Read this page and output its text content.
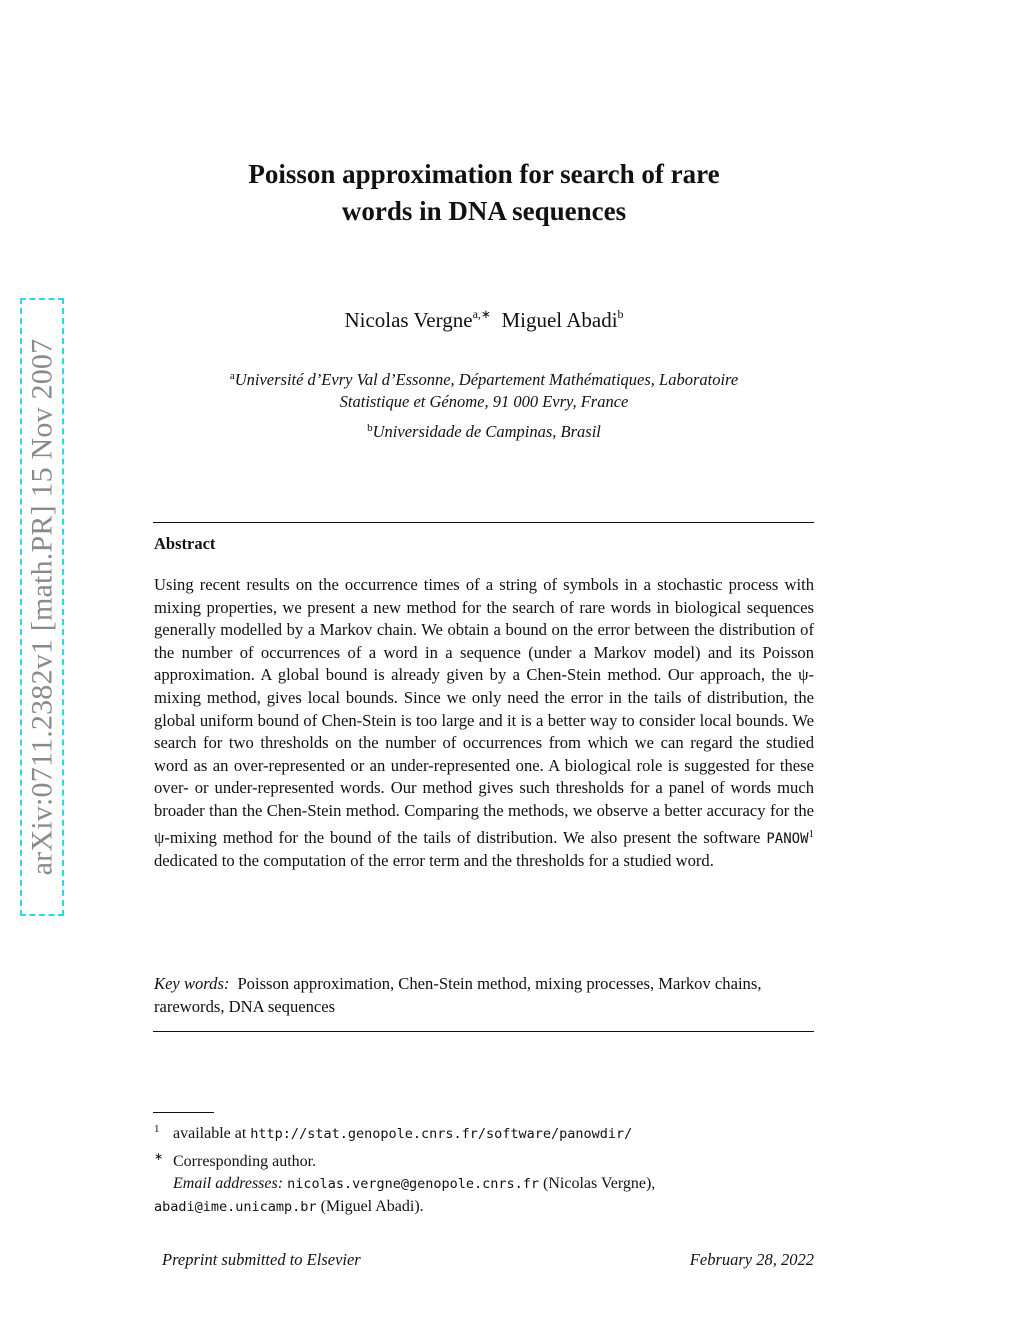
arXiv:0711.2382v1 [math.PR] 15 Nov 2007
Poisson approximation for search of rare
words in DNA sequences
Nicolas Vergne$^{a,∗}$ Miguel Abadi$^b$
$^a$Université d’Evry Val d’Essonne, Département Mathématiques, Laboratoire
Statistique et Génome, 91 000 Evry, France
$^b$Universidade de Campinas, Brasil
Abstract
Using recent results on the occurrence times of a string of symbols in a stochastic process with mixing properties, we present a new method for the search of rare words in biological sequences generally modelled by a Markov chain. We obtain a bound on the error between the distribution of the number of occurrences of a word in a sequence (under a Markov model) and its Poisson approximation. A global bound is already given by a Chen-Stein method. Our approach, the ψ-mixing method, gives local bounds. Since we only need the error in the tails of distribution, the global uniform bound of Chen-Stein is too large and it is a better way to consider local bounds. We search for two thresholds on the number of occurrences from which we can regard the studied word as an over-represented or an under-represented one. A biological role is suggested for these over- or under-represented words. Our method gives such thresholds for a panel of words much broader than the Chen-Stein method. Comparing the methods, we observe a better accuracy for the ψ-mixing method for the bound of the tails of distribution. We also present the software PANOW$^1$ dedicated to the computation of the error term and the thresholds for a studied word.
Key words: Poisson approximation, Chen-Stein method, mixing processes, Markov chains, rarewords, DNA sequences
1 available at http://stat.genopole.cnrs.fr/software/panowdir/
∗ Corresponding author.
Email addresses: nicolas.vergne@genopole.cnrs.fr (Nicolas Vergne), abadi@ime.unicamp.br (Miguel Abadi).
Preprint submitted to Elsevier	February 28, 2022
